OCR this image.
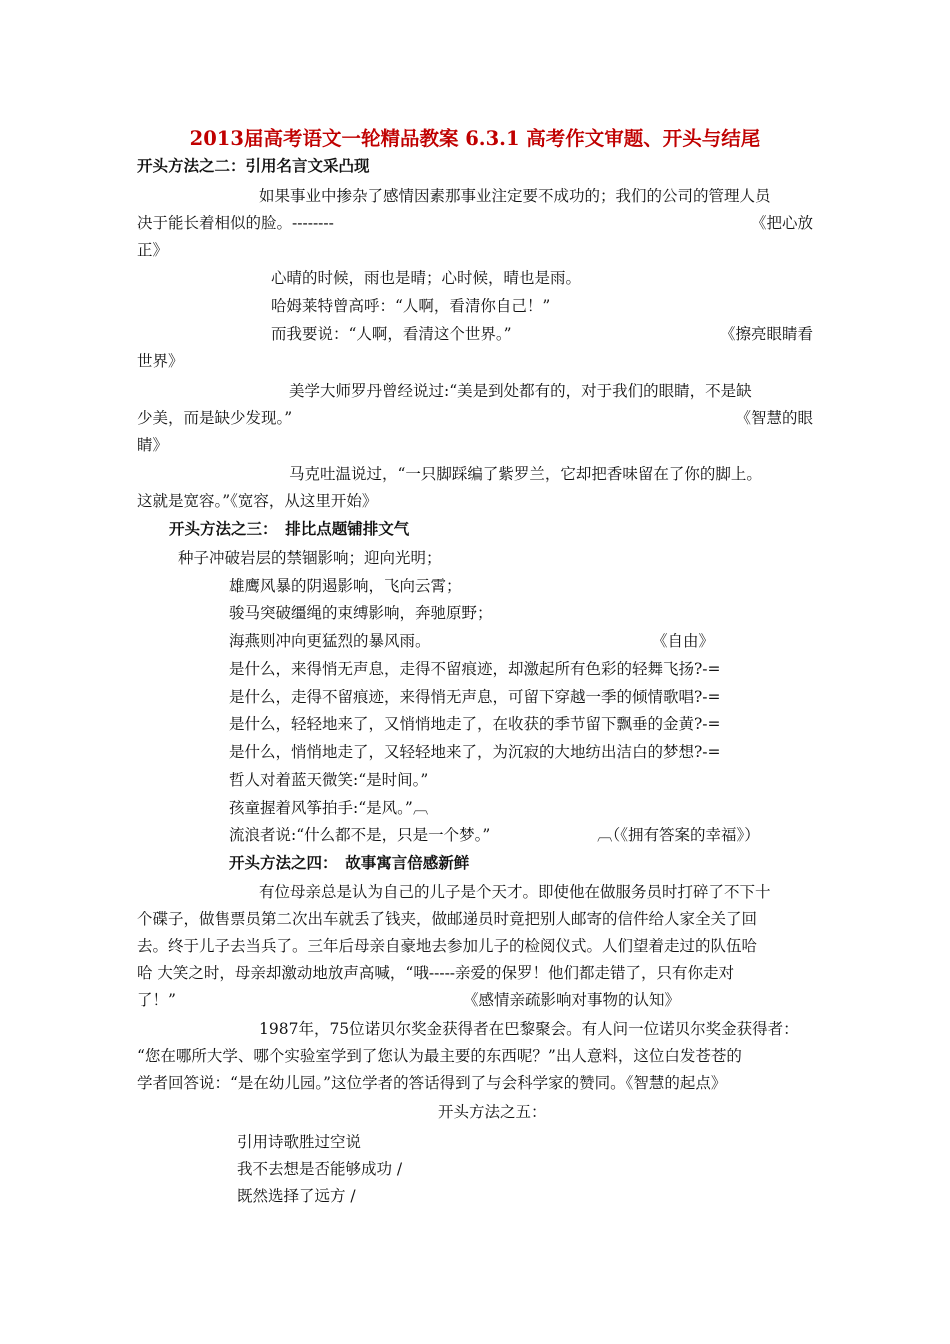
2013届高考语文一轮精品教案 6.3.1 高考作文审题、开头与结尾
开头方法之二：引用名言文采凸现
如果事业中掺杂了感情因素那事业注定要不成功的；我们的公司的管理人员
决于能长着相似的脸。--------	《把心放
正》
心晴的时候，雨也是晴；心时候，晴也是雨。
哈姆莱特曾高呼：“人啊，看清你自己！”
而我要说：“人啊，看清这个世界。”	《擦亮眼睛看
世界》
美学大师罗丹曾经说过:“美是到处都有的，对于我们的眼睛，不是缺
少美，而是缺少发现。”	《智慧的眼
睛》
马克吐温说过，“一只脚踩编了紫罗兰，它却把香味留在了你的脚上。
这就是宽容。”《宽容，从这里开始》
开头方法之三：　排比点题铺排文气
种子冲破岩层的禁锢影响；迎向光明；
雄鹰风暴的阴遏影响，飞向云霄；
骏马突破缰绳的束缚影响，奔驰原野；
海燕则冲向更猛烈的暴风雨。	《自由》
是什么，来得悄无声息，走得不留痕迹，却激起所有色彩的轻舞飞扬?-=
是什么，走得不留痕迹，来得悄无声息，可留下穿越一季的倾情歌唱?-=
是什么，轻轻地来了，又悄悄地走了，在收获的季节留下飘垂的金黄?-=
是什么，悄悄地走了，又轻轻地来了，为沉寂的大地纺出洁白的梦想?-=
哲人对着蓝天微笑:“是时间。”
孩童握着风筝拍手:“是风。”︹
流浪者说:“什么都不是，只是一个梦。”	︹（《拥有答案的幸福》）
开头方法之四：　故事寓言倍感新鲜
有位母亲总是认为自己的儿子是个天才。即使他在做服务员时打碎了不下十
个碟子，做售票员第二次出车就丢了钱夹，做邮递员时竟把别人邮寄的信件给人家全关了回
去。终于儿子去当兵了。三年后母亲自豪地去参加儿子的检阅仪式。人们望着走过的队伍哈
哈 大笑之时，母亲却激动地放声高喊，“哦-----亲爱的保罗！他们都走错了，只有你走对
了！”	《感情亲疏影响对事物的认知》
1987年，75位诺贝尔奖金获得者在巴黎聚会。有人问一位诺贝尔奖金获得者：
“您在哪所大学、哪个实验室学到了您认为最主要的东西呢？”出人意料，这位白发苍苍的
学者回答说：“是在幼儿园。”这位学者的答话得到了与会科学家的赞同。《智慧的起点》
开头方法之五：
引用诗歌胜过空说
我不去想是否能够成功 /
既然选择了远方 /
